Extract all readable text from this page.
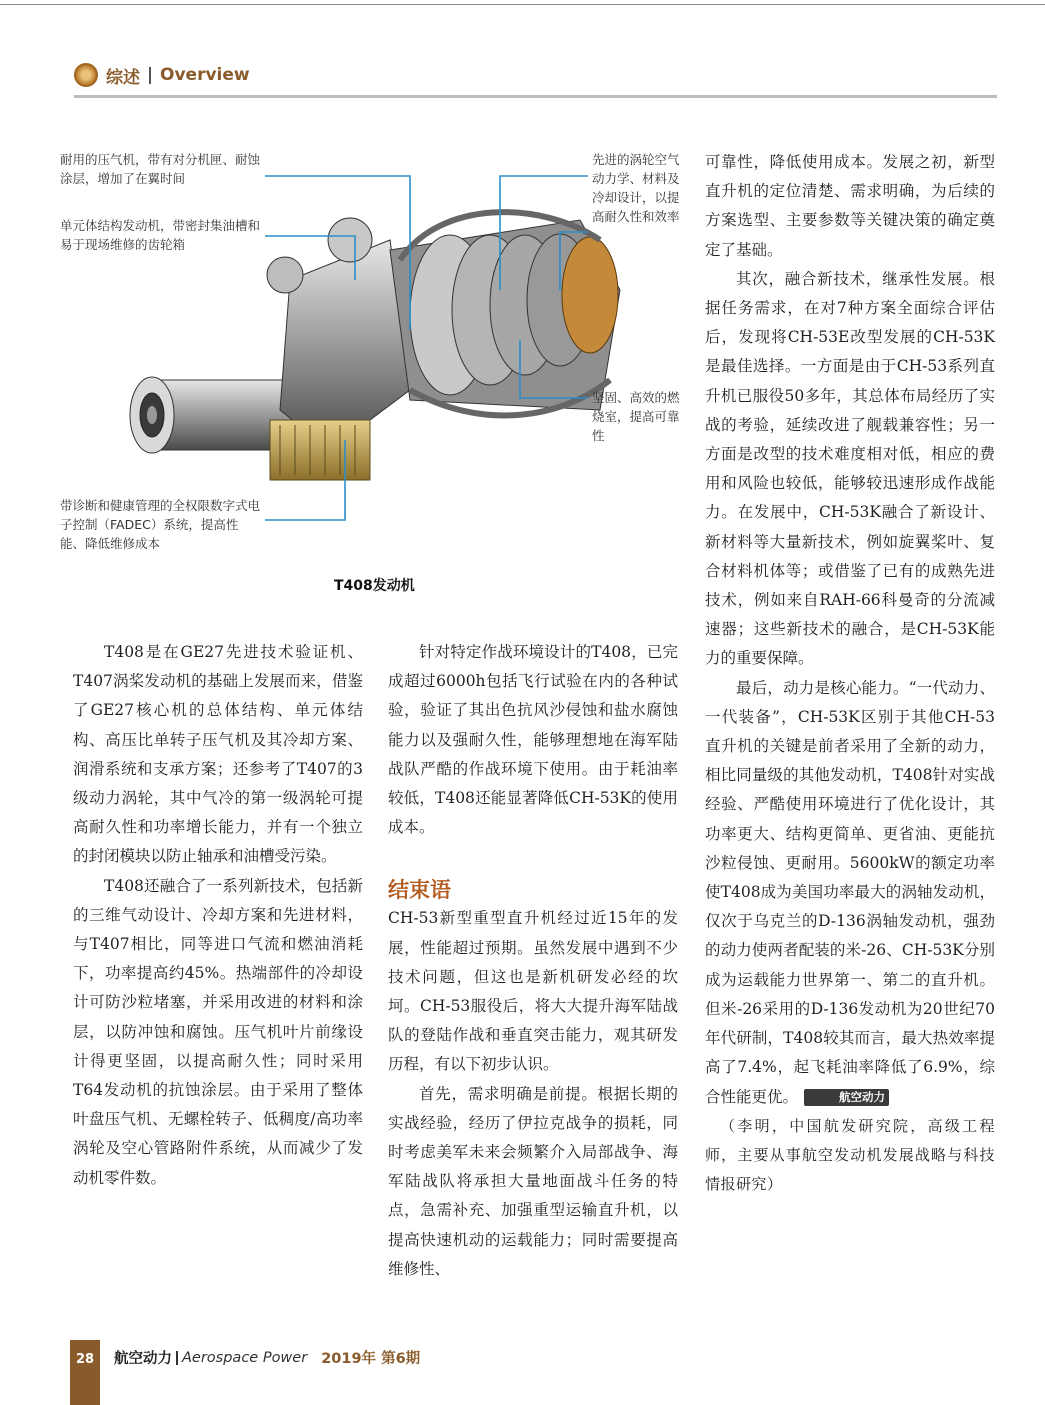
综述 Overview
耐用的压气机，带有对分机匣、耐蚀涂层，增加了在翼时间
单元体结构发动机，带密封集油槽和易于现场维修的齿轮箱
先进的涡轮空气动力学、材料及冷却设计，以提高耐久性和效率
坚固、高效的燃烧室，提高可靠性
带诊断和健康管理的全权限数字式电子控制（FADEC）系统，提高性能、降低维修成本
T408发动机

T408是在GE27先进技术验证机、T407涡桨发动机的基础上发展而来，借鉴了GE27核心机的总体结构、单元体结构、高压比单转子压气机及其冷却方案、润滑系统和支承方案；还参考了T407的3级动力涡轮，其中气冷的第一级涡轮可提高耐久性和功率增长能力，并有一个独立的封闭模块以防止轴承和油槽受污染。

T408还融合了一系列新技术，包括新的三维气动设计、冷却方案和先进材料，与T407相比，同等进口气流和燃油消耗下，功率提高约45%。热端部件的冷却设计可防沙粒堵塞，并采用改进的材料和涂层，以防冲蚀和腐蚀。压气机叶片前缘设计得更坚固，以提高耐久性；同时采用T64发动机的抗蚀涂层。由于采用了整体叶盘压气机、无螺栓转子、低稠度/高功率涡轮及空心管路附件系统，从而减少了发动机零件数。

针对特定作战环境设计的T408，已完成超过6000h包括飞行试验在内的各种试验，验证了其出色抗风沙侵蚀和盐水腐蚀能力以及强耐久性，能够理想地在海军陆战队严酷的作战环境下使用。由于耗油率较低，T408还能显著降低CH-53K的使用成本。

结束语

CH-53新型重型直升机经过近15年的发展，性能超过预期。虽然发展中遇到不少技术问题，但这也是新机研发必经的坎坷。CH-53服役后，将大大提升海军陆战队的登陆作战和垂直突击能力，观其研发历程，有以下初步认识。

首先，需求明确是前提。根据长期的实战经验，经历了伊拉克战争的损耗，同时考虑美军未来会频繁介入局部战争、海军陆战队将承担大量地面战斗任务的特点，急需补充、加强重型运输直升机，以提高快速机动的运载能力；同时需要提高维修性、

可靠性，降低使用成本。发展之初，新型直升机的定位清楚、需求明确，为后续的方案选型、主要参数等关键决策的确定奠定了基础。

其次，融合新技术，继承性发展。根据任务需求，在对7种方案全面综合评估后，发现将CH-53E改型发展的CH-53K是最佳选择。一方面是由于CH-53系列直升机已服役50多年，其总体布局经历了实战的考验，延续改进了舰载兼容性；另一方面是改型的技术难度相对低，相应的费用和风险也较低，能够较迅速形成作战能力。在发展中，CH-53K融合了新设计、新材料等大量新技术，例如旋翼桨叶、复合材料机体等；或借鉴了已有的成熟先进技术，例如来自RAH-66科曼奇的分流减速器；这些新技术的融合，是CH-53K能力的重要保障。

最后，动力是核心能力。“一代动力、一代装备”，CH-53K区别于其他CH-53直升机的关键是前者采用了全新的动力，相比同量级的其他发动机，T408针对实战经验、严酷使用环境进行了优化设计，其功率更大、结构更简单、更省油、更能抗沙粒侵蚀、更耐用。5600kW的额定功率使T408成为美国功率最大的涡轴发动机，仅次于乌克兰的D-136涡轴发动机，强劲的动力使两者配装的米-26、CH-53K分别成为运载能力世界第一、第二的直升机。但米-26采用的D-136发动机为20世纪70年代研制，T408较其而言，最大热效率提高了7.4%，起飞耗油率降低了6.9%，综合性能更优。	航空动力

（李明，中国航发研究院，高级工程师，主要从事航空发动机发展战略与科技情报研究）

28 航空动力 Aerospace Power 2019年 第6期
